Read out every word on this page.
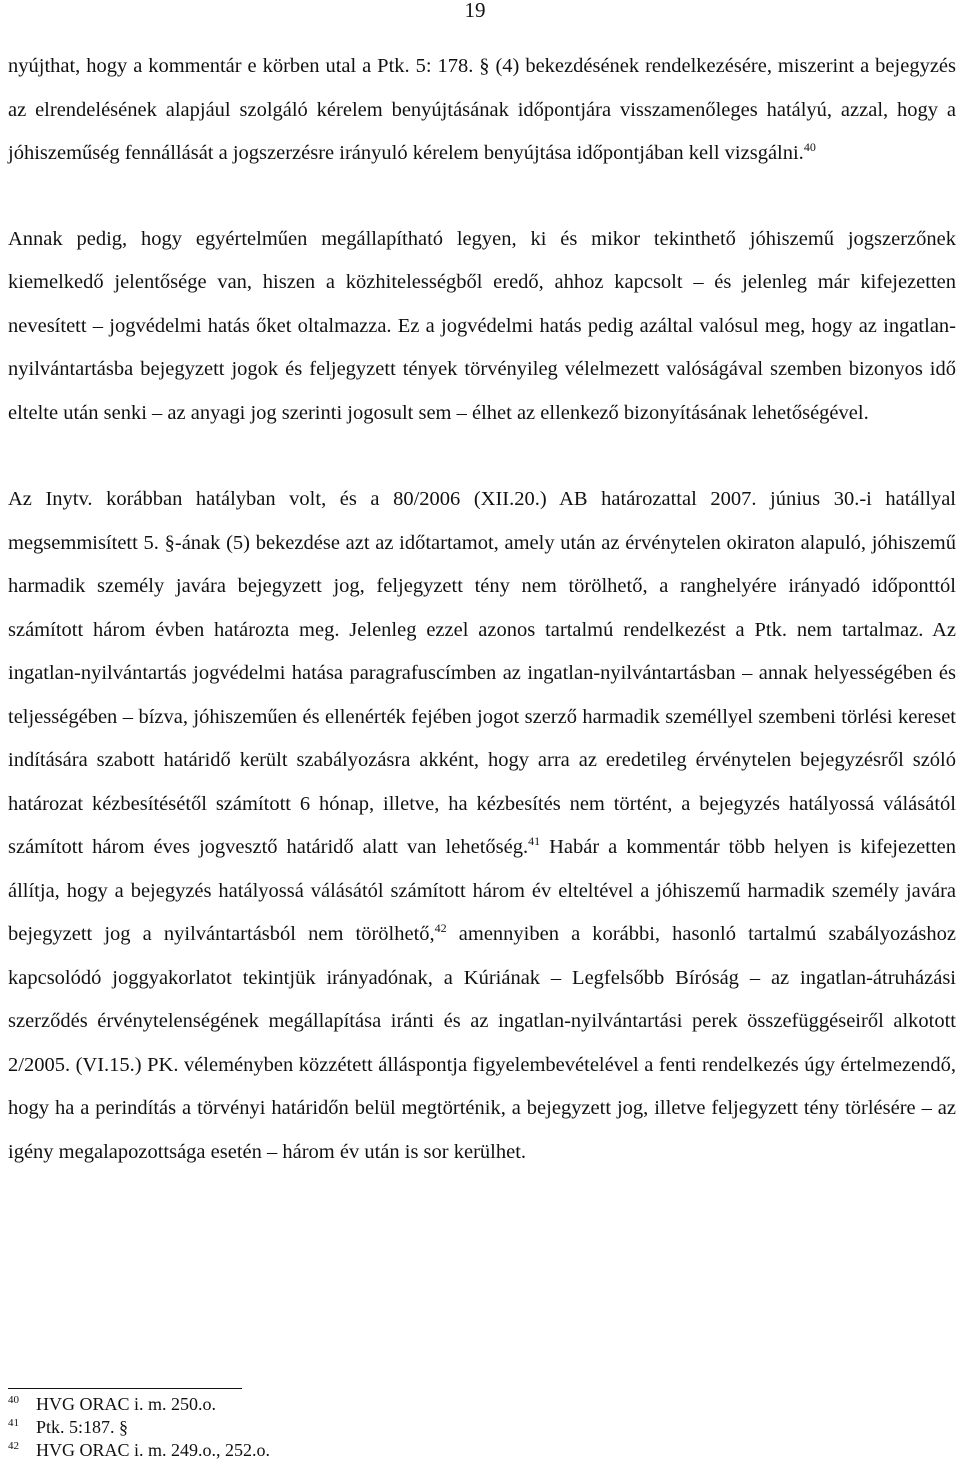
19

nyújthat, hogy a kommentár e körben utal a Ptk. 5: 178. § (4) bekezdésének rendelkezésére, miszerint a bejegyzés az elrendelésének alapjául szolgáló kérelem benyújtásának időpontjára visszamenőleges hatályú, azzal, hogy a jóhiszeműség fennállását a jogszerzésre irányuló kérelem benyújtása időpontjában kell vizsgálni.$^{40}$

Annak pedig, hogy egyértelműen megállapítható legyen, ki és mikor tekinthető jóhiszemű jogszerzőnek kiemelkedő jelentősége van, hiszen a közhitelességből eredő, ahhoz kapcsolt – és jelenleg már kifejezetten nevesített – jogvédelmi hatás őket oltalmazza. Ez a jogvédelmi hatás pedig azáltal valósul meg, hogy az ingatlan-nyilvántartásba bejegyzett jogok és feljegyzett tények törvényileg vélelmezett valóságával szemben bizonyos idő eltelte után senki – az anyagi jog szerinti jogosult sem – élhet az ellenkező bizonyításának lehetőségével.

Az Inytv. korábban hatályban volt, és a 80/2006 (XII.20.) AB határozattal 2007. június 30.-i hatállyal megsemmisített 5. §-ának (5) bekezdése azt az időtartamot, amely után az érvénytelen okiraton alapuló, jóhiszemű harmadik személy javára bejegyzett jog, feljegyzett tény nem törölhető, a ranghelyére irányadó időponttól számított három évben határozta meg. Jelenleg ezzel azonos tartalmú rendelkezést a Ptk. nem tartalmaz. Az ingatlan-nyilvántartás jogvédelmi hatása paragrafuscímben az ingatlan-nyilvántartásban – annak helyességében és teljességében – bízva, jóhiszeműen és ellenérték fejében jogot szerző harmadik személlyel szembeni törlési kereset indítására szabott határidő került szabályozásra akként, hogy arra az eredetileg érvénytelen bejegyzésről szóló határozat kézbesítésétől számított 6 hónap, illetve, ha kézbesítés nem történt, a bejegyzés hatályossá válásától számított három éves jogvesztő határidő alatt van lehetőség.$^{41}$ Habár a kommentár több helyen is kifejezetten állítja, hogy a bejegyzés hatályossá válásától számított három év elteltével a jóhiszemű harmadik személy javára bejegyzett jog a nyilvántartásból nem törölhető,$^{42}$ amennyiben a korábbi, hasonló tartalmú szabályozáshoz kapcsolódó joggyakorlatot tekintjük irányadónak, a Kúriának – Legfelsőbb Bíróság – az ingatlan-átruházási szerződés érvénytelenségének megállapítása iránti és az ingatlan-nyilvántartási perek összefüggéseiről alkotott 2/2005. (VI.15.) PK. véleményben közzétett álláspontja figyelembevételével a fenti rendelkezés úgy értelmezendő, hogy ha a perindítás a törvényi határidőn belül megtörténik, a bejegyzett jog, illetve feljegyzett tény törlésére – az igény megalapozottsága esetén – három év után is sor kerülhet.

40 HVG ORAC i. m. 250.o.
41 Ptk. 5:187. §
42 HVG ORAC i. m. 249.o., 252.o.
